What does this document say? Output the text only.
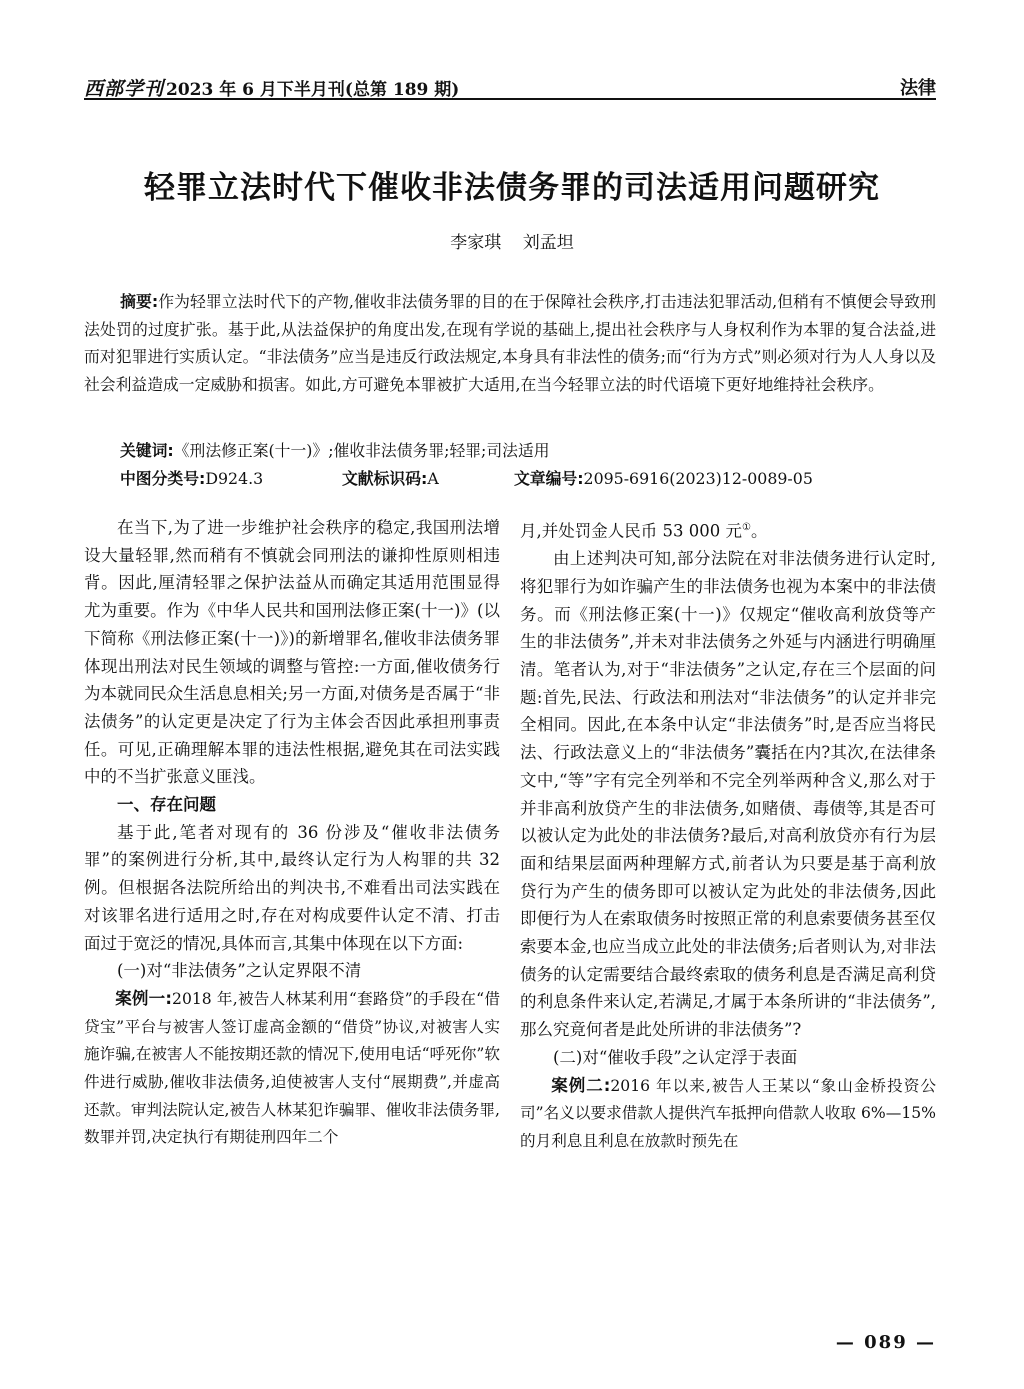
西部学刊 2023 年 6 月下半月刊(总第 189 期)	法律
轻罪立法时代下催收非法债务罪的司法适用问题研究
李家琪 刘孟坦
摘要:作为轻罪立法时代下的产物,催收非法债务罪的目的在于保障社会秩序,打击违法犯罪活动,但稍有不慎便会导致刑法处罚的过度扩张。基于此,从法益保护的角度出发,在现有学说的基础上,提出社会秩序与人身权利作为本罪的复合法益,进而对犯罪进行实质认定。“非法债务”应当是违反行政法规定,本身具有非法性的债务;而“行为方式”则必须对行为人人身以及社会利益造成一定威胁和损害。如此,方可避免本罪被扩大适用,在当今轻罪立法的时代语境下更好地维持社会秩序。
关键词:《刑法修正案(十一)》;催收非法债务罪;轻罪;司法适用
中图分类号:D924.3	文献标识码:A	文章编号:2095-6916(2023)12-0089-05

在当下,为了进一步维护社会秩序的稳定,我国刑法增设大量轻罪,然而稍有不慎就会同刑法的谦抑性原则相违背。因此,厘清轻罪之保护法益从而确定其适用范围显得尤为重要。作为《中华人民共和国刑法修正案(十一)》(以下简称《刑法修正案(十一)》)的新增罪名,催收非法债务罪体现出刑法对民生领域的调整与管控:一方面,催收债务行为本就同民众生活息息相关;另一方面,对债务是否属于“非法债务”的认定更是决定了行为主体会否因此承担刑事责任。可见,正确理解本罪的违法性根据,避免其在司法实践中的不当扩张意义匪浅。

一、存在问题

基于此,笔者对现有的 36 份涉及“催收非法债务罪”的案例进行分析,其中,最终认定行为人构罪的共 32 例。但根据各法院所给出的判决书,不难看出司法实践在对该罪名进行适用之时,存在对构成要件认定不清、打击面过于宽泛的情况,具体而言,其集中体现在以下方面:

(一)对“非法债务”之认定界限不清

案例一:2018 年,被告人林某利用“套路贷”的手段在“借贷宝”平台与被害人签订虚高金额的“借贷”协议,对被害人实施诈骗,在被害人不能按期还款的情况下,使用电话“呼死你”软件进行威胁,催收非法债务,迫使被害人支付“展期费”,并虚高还款。审判法院认定,被告人林某犯诈骗罪、催收非法债务罪,数罪并罚,决定执行有期徒刑四年二个

月,并处罚金人民币 53 000 元①。

由上述判决可知,部分法院在对非法债务进行认定时,将犯罪行为如诈骗产生的非法债务也视为本案中的非法债务。而《刑法修正案(十一)》仅规定“催收高利放贷等产生的非法债务”,并未对非法债务之外延与内涵进行明确厘清。笔者认为,对于“非法债务”之认定,存在三个层面的问题:首先,民法、行政法和刑法对“非法债务”的认定并非完全相同。因此,在本条中认定“非法债务”时,是否应当将民法、行政法意义上的“非法债务”囊括在内?其次,在法律条文中,“等”字有完全列举和不完全列举两种含义,那么对于并非高利放贷产生的非法债务,如赌债、毒债等,其是否可以被认定为此处的非法债务?最后,对高利放贷亦有行为层面和结果层面两种理解方式,前者认为只要是基于高利放贷行为产生的债务即可以被认定为此处的非法债务,因此即便行为人在索取债务时按照正常的利息索要债务甚至仅索要本金,也应当成立此处的非法债务;后者则认为,对非法债务的认定需要结合最终索取的债务利息是否满足高利贷的利息条件来认定,若满足,才属于本条所讲的“非法债务”,那么究竟何者是此处所讲的非法债务”?

(二)对“催收手段”之认定浮于表面

案例二:2016 年以来,被告人王某以“象山金桥投资公司”名义以要求借款人提供汽车抵押向借款人收取 6%—15%的月利息且利息在放款时预先在

— 089 —
